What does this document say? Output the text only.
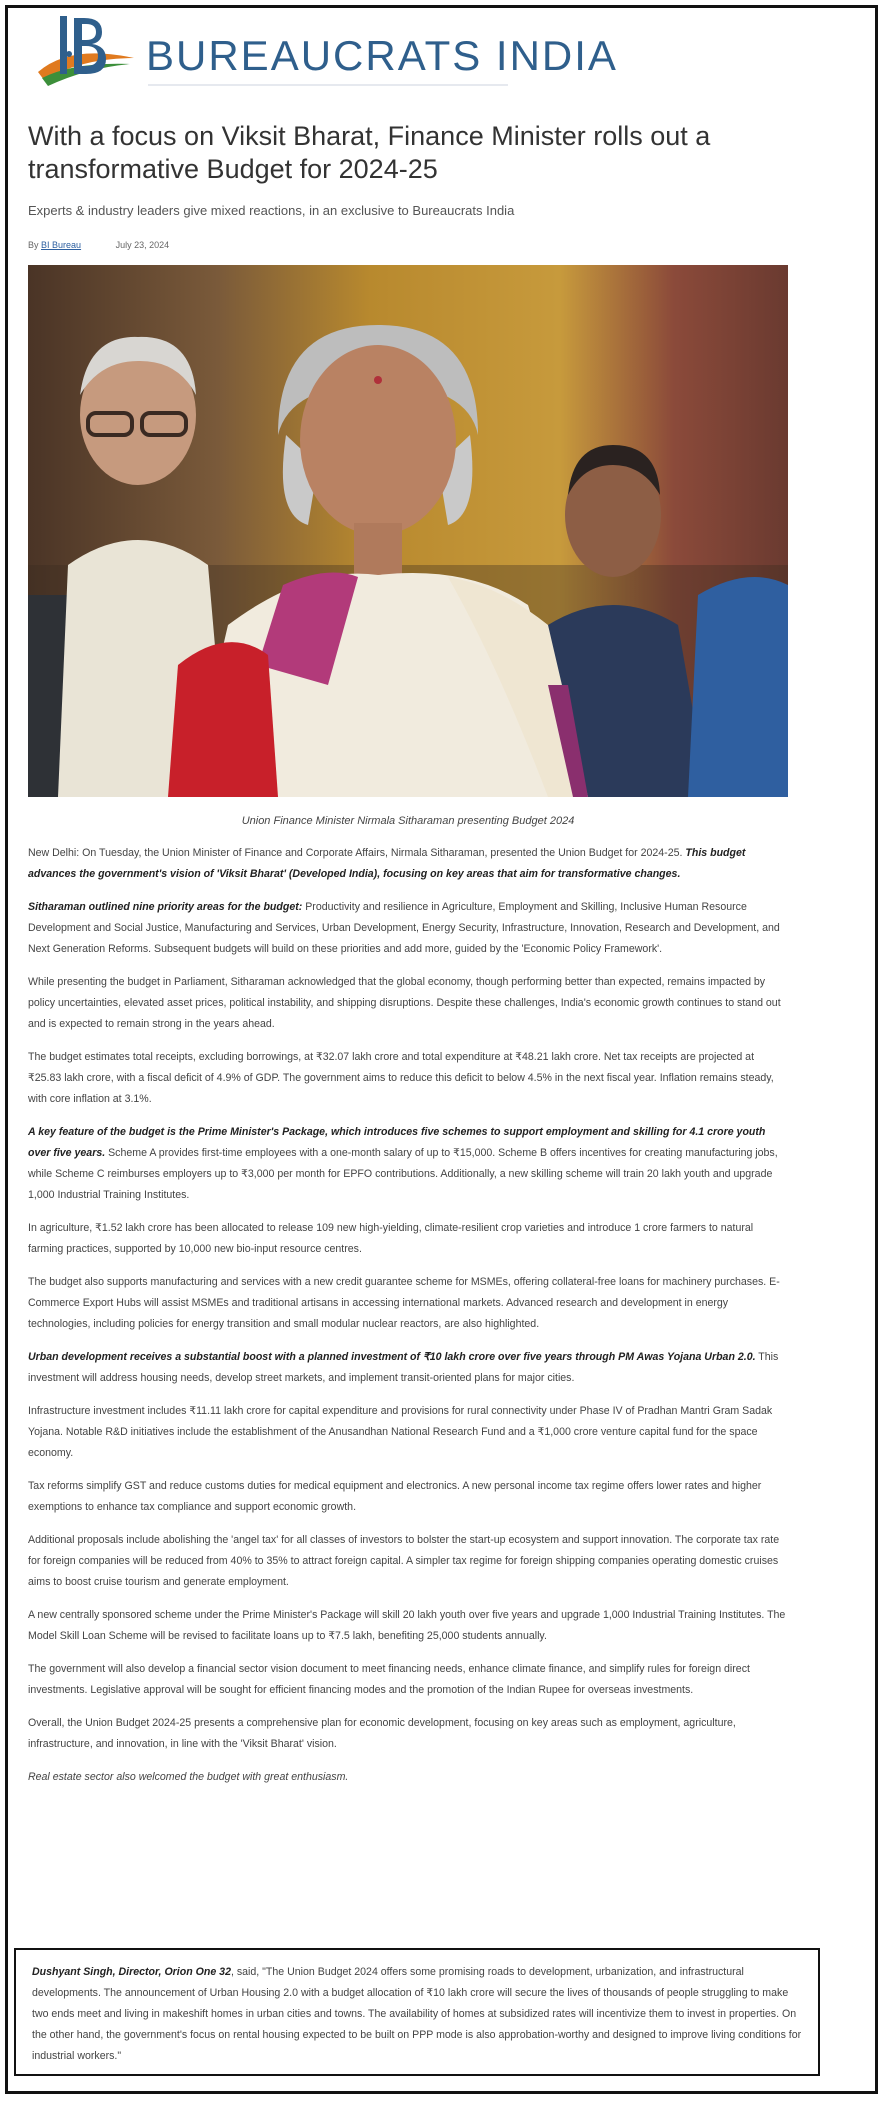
BUREAUCRATS INDIA
With a focus on Viksit Bharat, Finance Minister rolls out a transformative Budget for 2024-25
Experts & industry leaders give mixed reactions, in an exclusive to Bureaucrats India
By BI Bureau	July 23, 2024
Union Finance Minister Nirmala Sitharaman presenting Budget 2024

New Delhi: On Tuesday, the Union Minister of Finance and Corporate Affairs, Nirmala Sitharaman, presented the Union Budget for 2024-25. This budget advances the government's vision of 'Viksit Bharat' (Developed India), focusing on key areas that aim for transformative changes.

Sitharaman outlined nine priority areas for the budget: Productivity and resilience in Agriculture, Employment and Skilling, Inclusive Human Resource Development and Social Justice, Manufacturing and Services, Urban Development, Energy Security, Infrastructure, Innovation, Research and Development, and Next Generation Reforms. Subsequent budgets will build on these priorities and add more, guided by the 'Economic Policy Framework'.

While presenting the budget in Parliament, Sitharaman acknowledged that the global economy, though performing better than expected, remains impacted by policy uncertainties, elevated asset prices, political instability, and shipping disruptions. Despite these challenges, India's economic growth continues to stand out and is expected to remain strong in the years ahead.

The budget estimates total receipts, excluding borrowings, at ₹32.07 lakh crore and total expenditure at ₹48.21 lakh crore. Net tax receipts are projected at ₹25.83 lakh crore, with a fiscal deficit of 4.9% of GDP. The government aims to reduce this deficit to below 4.5% in the next fiscal year. Inflation remains steady, with core inflation at 3.1%.

A key feature of the budget is the Prime Minister's Package, which introduces five schemes to support employment and skilling for 4.1 crore youth over five years. Scheme A provides first-time employees with a one-month salary of up to ₹15,000. Scheme B offers incentives for creating manufacturing jobs, while Scheme C reimburses employers up to ₹3,000 per month for EPFO contributions. Additionally, a new skilling scheme will train 20 lakh youth and upgrade 1,000 Industrial Training Institutes.

In agriculture, ₹1.52 lakh crore has been allocated to release 109 new high-yielding, climate-resilient crop varieties and introduce 1 crore farmers to natural farming practices, supported by 10,000 new bio-input resource centres.

The budget also supports manufacturing and services with a new credit guarantee scheme for MSMEs, offering collateral-free loans for machinery purchases. E-Commerce Export Hubs will assist MSMEs and traditional artisans in accessing international markets. Advanced research and development in energy technologies, including policies for energy transition and small modular nuclear reactors, are also highlighted.

Urban development receives a substantial boost with a planned investment of ₹10 lakh crore over five years through PM Awas Yojana Urban 2.0. This investment will address housing needs, develop street markets, and implement transit-oriented plans for major cities.

Infrastructure investment includes ₹11.11 lakh crore for capital expenditure and provisions for rural connectivity under Phase IV of Pradhan Mantri Gram Sadak Yojana. Notable R&D initiatives include the establishment of the Anusandhan National Research Fund and a ₹1,000 crore venture capital fund for the space economy.

Tax reforms simplify GST and reduce customs duties for medical equipment and electronics. A new personal income tax regime offers lower rates and higher exemptions to enhance tax compliance and support economic growth.

Additional proposals include abolishing the 'angel tax' for all classes of investors to bolster the start-up ecosystem and support innovation. The corporate tax rate for foreign companies will be reduced from 40% to 35% to attract foreign capital. A simpler tax regime for foreign shipping companies operating domestic cruises aims to boost cruise tourism and generate employment.

A new centrally sponsored scheme under the Prime Minister's Package will skill 20 lakh youth over five years and upgrade 1,000 Industrial Training Institutes. The Model Skill Loan Scheme will be revised to facilitate loans up to ₹7.5 lakh, benefiting 25,000 students annually.

The government will also develop a financial sector vision document to meet financing needs, enhance climate finance, and simplify rules for foreign direct investments. Legislative approval will be sought for efficient financing modes and the promotion of the Indian Rupee for overseas investments.

Overall, the Union Budget 2024-25 presents a comprehensive plan for economic development, focusing on key areas such as employment, agriculture, infrastructure, and innovation, in line with the 'Viksit Bharat' vision.

Real estate sector also welcomed the budget with great enthusiasm.

Dushyant Singh, Director, Orion One 32, said, "The Union Budget 2024 offers some promising roads to development, urbanization, and infrastructural developments. The announcement of Urban Housing 2.0 with a budget allocation of ₹10 lakh crore will secure the lives of thousands of people struggling to make two ends meet and living in makeshift homes in urban cities and towns. The availability of homes at subsidized rates will incentivize them to invest in properties. On the other hand, the government's focus on rental housing expected to be built on PPP mode is also approbation-worthy and designed to improve living conditions for industrial workers."
